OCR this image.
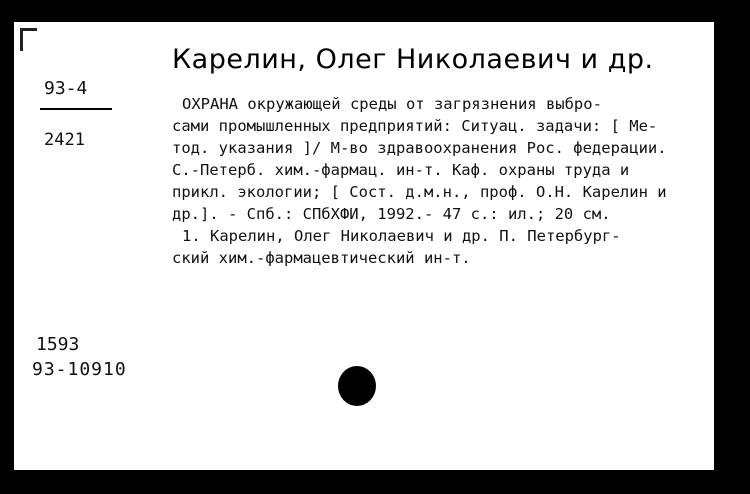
Карелин, Олег Николаевич и др.
93-4
2421

ОХРАНА окружающей среды от загрязнения выбро-

сами промышленных предприятий: Ситуац. задачи: [ Ме-

тод. указания ]/ М-во здравоохранения Рос. федерации.

С.-Петерб. хим.-фармац. ин-т. Каф. охраны труда и

прикл. экологии; [ Сост. д.м.н., проф. О.Н. Карелин и

др.]. - Спб.: СПбХФИ, 1992.- 47 с.: ил.; 20 см.

1. Карелин, Олег Николаевич и др. П. Петербург-

ский хим.-фармацевтический ин-т.

1593
93-10910
